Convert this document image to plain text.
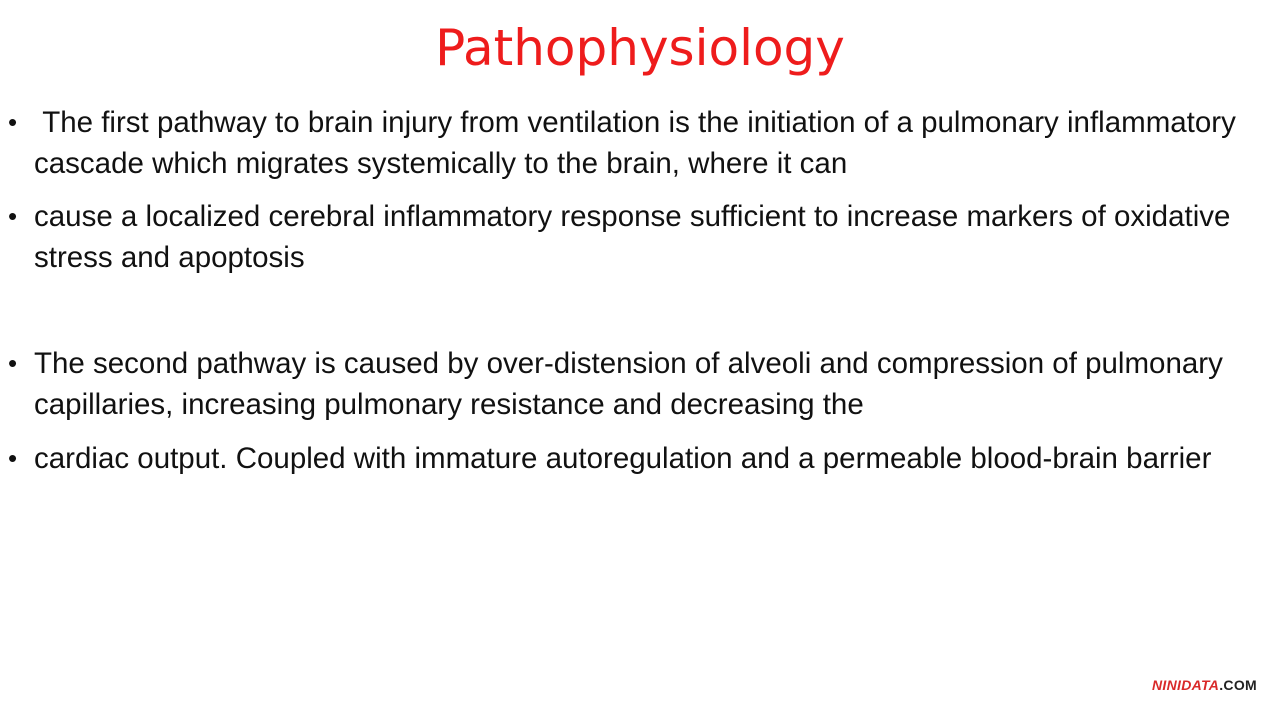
Pathophysiology
• The first pathway to brain injury from ventilation is the initiation of a pulmonary inflammatory cascade which migrates systemically to the brain, where it can
• cause a localized cerebral inflammatory response sufficient to increase markers of oxidative stress and apoptosis
• The second pathway is caused by over-distension of alveoli and compression of pulmonary capillaries, increasing pulmonary resistance and decreasing the
• cardiac output. Coupled with immature autoregulation and a permeable blood-brain barrier
NINIDATA.COM
